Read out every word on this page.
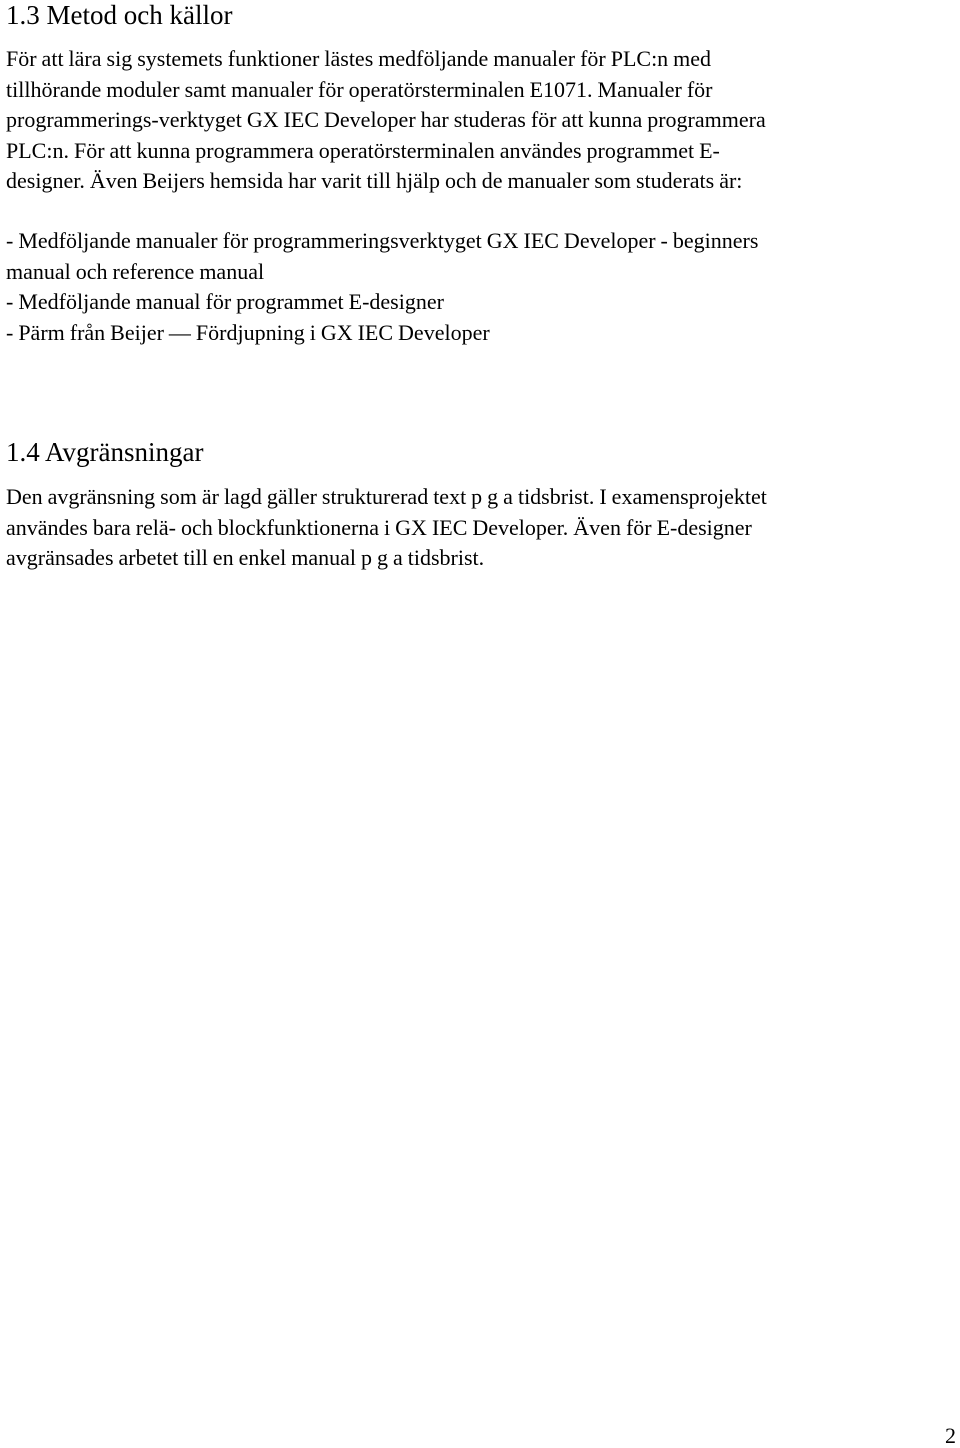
1.3 Metod och källor

För att lära sig systemets funktioner lästes medföljande manualer för PLC:n med
tillhörande moduler samt manualer för operatörsterminalen E1071. Manualer för
programmerings-verktyget GX IEC Developer har studeras för att kunna programmera
PLC:n. För att kunna programmera operatörsterminalen användes programmet E-
designer. Även Beijers hemsida har varit till hjälp och de manualer som studerats är:

- Medföljande manualer för programmeringsverktyget GX IEC Developer - beginners
manual och reference manual
- Medföljande manual för programmet E-designer
- Pärm från Beijer — Fördjupning i GX IEC Developer

1.4 Avgränsningar

Den avgränsning som är lagd gäller strukturerad text p g a tidsbrist. I examensprojektet
användes bara relä- och blockfunktionerna i GX IEC Developer. Även för E-designer
avgränsades arbetet till en enkel manual p g a tidsbrist.

2
